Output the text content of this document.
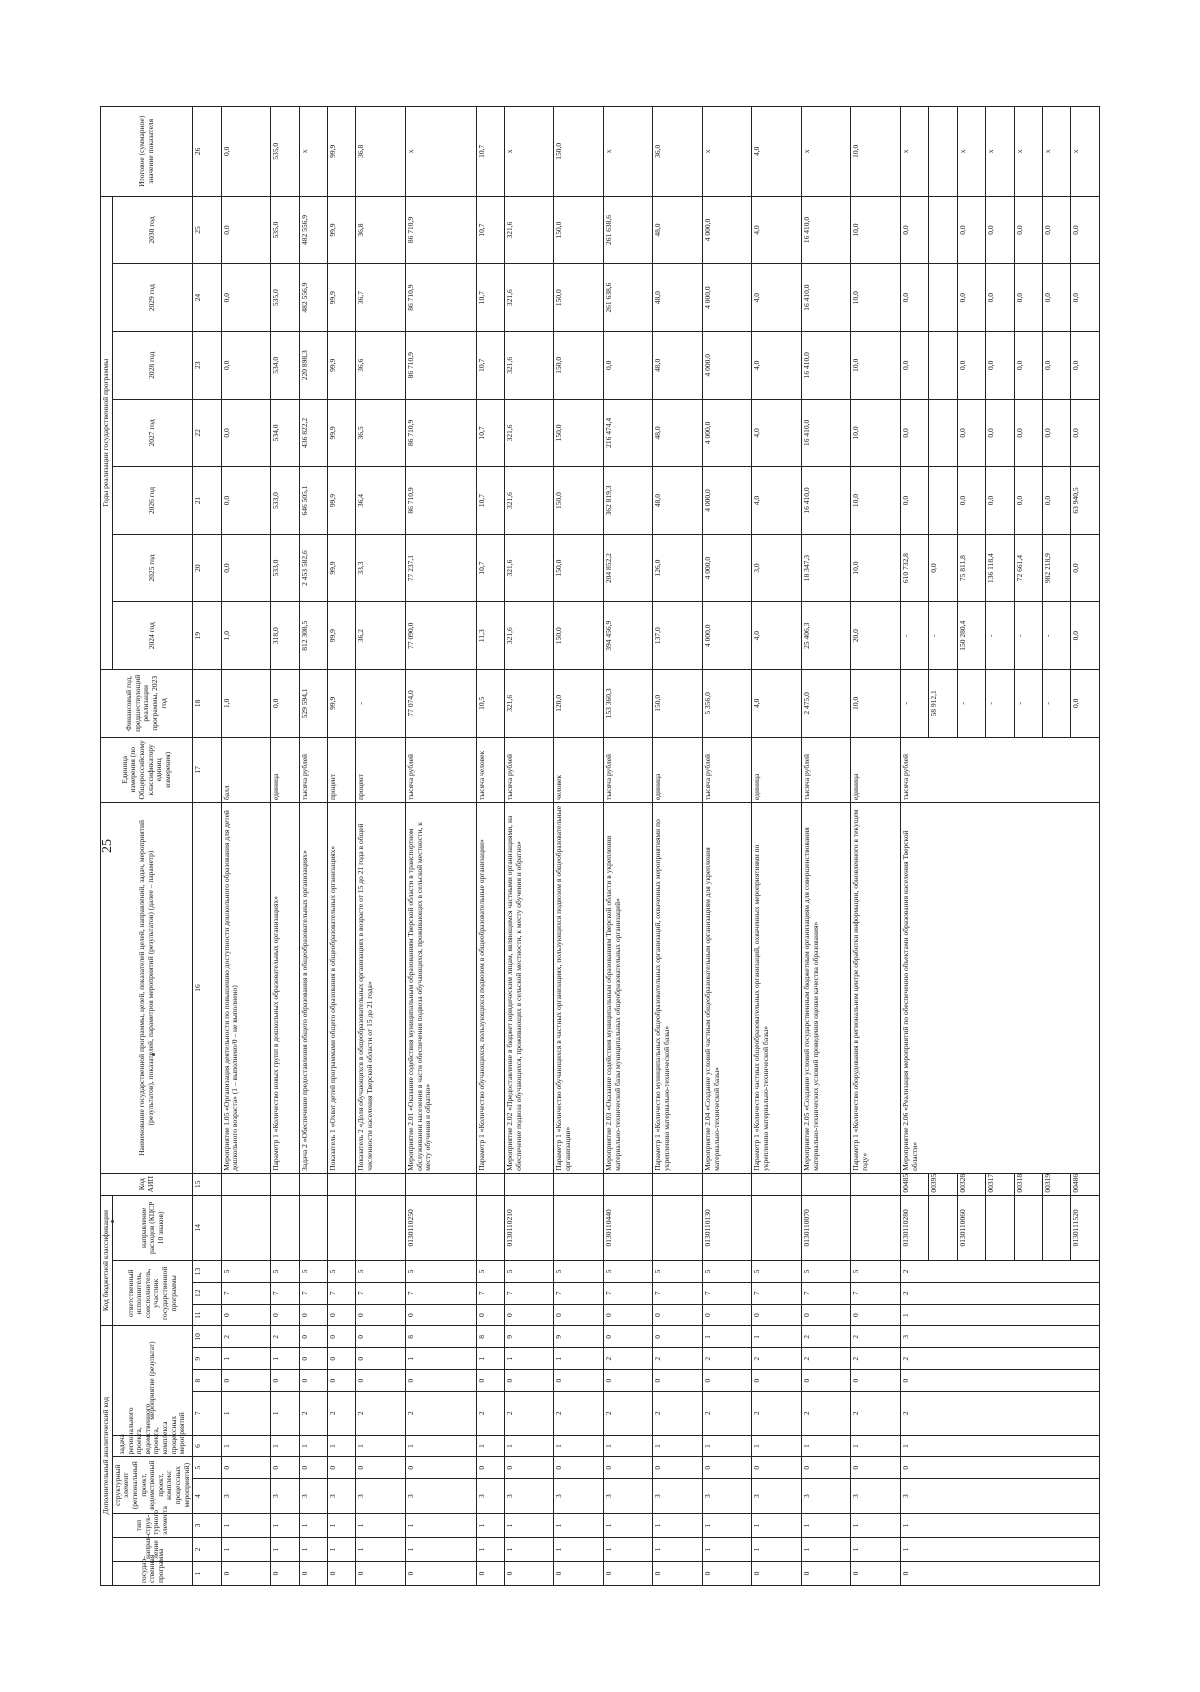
25
Дополнительный аналитический код										Код бюджетной классификации				Код АИП	Наименование государственной программы, целей, показателей целей, направлений, задач, мероприятий (результатов), показателей, параметров мероприятий (результатов) (далее – параметр)	Единица измерения (по Общероссийскому классификатору единиц измерения)	Финансовый год, предшествующий реализации программы, 2023 год	Годы реализации государственной программы							Итоговое (суммарное) значение показателя
государ-ственная программа	направ-ление	тип струк-турного элемента	структурный элемент (региональный проект, ведомственный проект, комплекс процессных мероприятий)		задача регионального проекта, ведомственного проекта, комплекса процессных мероприятий	мероприятие (результат)				ответственный исполнитель, соисполнитель, участник государственной программы			направление расходов (КЦСР 10 знаков)					2024 год	2025 год	2026 год	2027 год	2028 год	2029 год	2030 год	
1	2	3	4	5	6	7	8	9	10	11	12	13	14	15	16	17	18	19	20	21	22	23	24	25	26
0	1	1	3	0	1	1	0	1	2	0	7	5			Мероприятие 1.05 «Организация деятельности по повышению доступности дошкольного образования для детей дошкольного возраста» (1 – выполнено/0 – не выполнено)	балл	1,0	1,0	0,0	0,0	0,0	0,0	0,0	0,0	0,0
0	1	1	3	0	1	1	0	1	2	0	7	5			Параметр 1 «Количество новых групп в дошкольных образовательных организациях»	единица	0,0	318,0	533,0	533,0	534,0	534,0	535,0	535,0	535,0
0	1	1	3	0	1	2	0	0	0	0	7	5			Задача 2 «Обеспечение предоставления общего образования в общеобразовательных организациях»	тысяча рублей	529 594,1	812 308,5	2 453 582,6	646 505,1	436 822,2	220 898,3	482 556,9	482 556,9	x
0	1	1	3	0	1	2	0	0	0	0	7	5			Показатель 1 «Охват детей программами общего образования в общеобразовательных организациях»	процент	99,9	99,9	99,9	99,9	99,9	99,9	99,9	99,9	99,9
0	1	1	3	0	1	2	0	0	0	0	7	5			Показатель 2 «Доля обучающихся в общеобразовательных организациях в возрасте от 15 до 21 года в общей численности населения Тверской области от 15 до 21 года»	процент	-	36,2	33,3	36,4	36,5	36,6	36,7	36,8	36,8
0	1	1	3	0	1	2	0	1	8	0	7	5	0130110250		Мероприятие 2.01 «Оказание содействия муниципальным образованиям Тверской области в транспортном обслуживании населения в части обеспечения подвоза обучающихся, проживающих в сельской местности, к месту обучения и обратно»	тысяча рублей	77 074,0	77 090,0	77 237,1	86 710,9	86 710,9	86 710,9	86 710,9	86 710,9	x
0	1	1	3	0	1	2	0	1	8	0	7	5			Параметр 1 «Количество обучающихся, пользующихся подвозом в общеобразовательные организации»	тысяча человек	10,5	11,3	10,7	10,7	10,7	10,7	10,7	10,7	10,7
0	1	1	3	0	1	2	0	1	9	0	7	5	0130110210		Мероприятие 2.02 «Предоставление в бюджет юридическим лицам, являющимся частными организациями, на обеспечение подвоза обучающихся, проживающих в сельской местности, к месту обучения и обратно»	тысяча рублей	321,6	321,6	321,6	321,6	321,6	321,6	321,6	321,6	x
0	1	1	3	0	1	2	0	1	9	0	7	5			Параметр 1 «Количество обучающихся в частных организациях, пользующихся подвозом в общеобразовательные организации»	человек	120,0	150,0	150,0	150,0	150,0	150,0	150,0	150,0	150,0
0	1	1	3	0	1	2	0	2	0	0	7	5	0130110440		Мероприятие 2.03 «Оказание содействия муниципальным образованиям Тверской области в укреплении материально-технической базы муниципальных общеобразовательных организаций»	тысяча рублей	153 360,3	394 456,9	204 852,2	362 819,3	216 474,4	0,0	261 638,6	261 638,6	x
0	1	1	3	0	1	2	0	2	0	0	7	5			Параметр 1 «Количество муниципальных общеобразовательных организаций, охваченных мероприятиями по укреплению материально-технической базы»	единица	150,0	137,0	126,0	48,0	48,0	48,0	48,0	48,0	36,0
0	1	1	3	0	1	2	0	2	1	0	7	5	0130110130		Мероприятие 2.04 «Создание условий частным общеобразовательным организациям для укрепления материально-технической базы»	тысяча рублей	5 356,0	4 000,0	4 000,0	4 000,0	4 000,0	4 000,0	4 000,0	4 000,0	x
0	1	1	3	0	1	2	0	2	1	0	7	5			Параметр 1 «Количество частных общеобразовательных организаций, охваченных мероприятиями по укреплению материально-технической базы»	единица	4,0	4,0	3,0	4,0	4,0	4,0	4,0	4,0	4,0
0	1	1	3	0	1	2	0	2	2	0	7	5	0130110070		Мероприятие 2.05 «Создание условий государственным бюджетным организациям для совершенствования материально-технических условий проведения оценки качества образования»	тысяча рублей	2 475,0	25 406,3	18 347,3	16 410,0	16 410,0	16 410,0	16 410,0	16 410,0	x
0	1	1	3	0	1	2	0	2	2	0	7	5			Параметр 1 «Количество оборудования в региональном центре обработки информации, обновленного в текущем году»	единица	10,0	20,0	10,0	10,0	10,0	10,0	10,0	10,0	10,0
0	1	1	3	0	1	2	0	2	3	1	2	2	0130110280	00485	Мероприятие 2.06 «Реализация мероприятий по обеспечению объектами образования населения Тверской области»	тысяча рублей	-	-	610 732,8	0,0	0,0	0,0	0,0	0,0	x
														00395			58 912,1	-	0,0						
													0130110060	00328			-	150 280,4	75 811,8	0,0	0,0	0,0	0,0	0,0	x
														00317			-	-	136 118,4	0,0	0,0	0,0	0,0	0,0	x
														00318			-	-	72 661,4	0,0	0,0	0,0	0,0	0,0	x
														00319			-	-	982 218,9	0,0	0,0	0,0	0,0	0,0	x
													0130111520	00486			0,0	0,0	0,0	63 940,5	0,0	0,0	0,0	0,0	x
